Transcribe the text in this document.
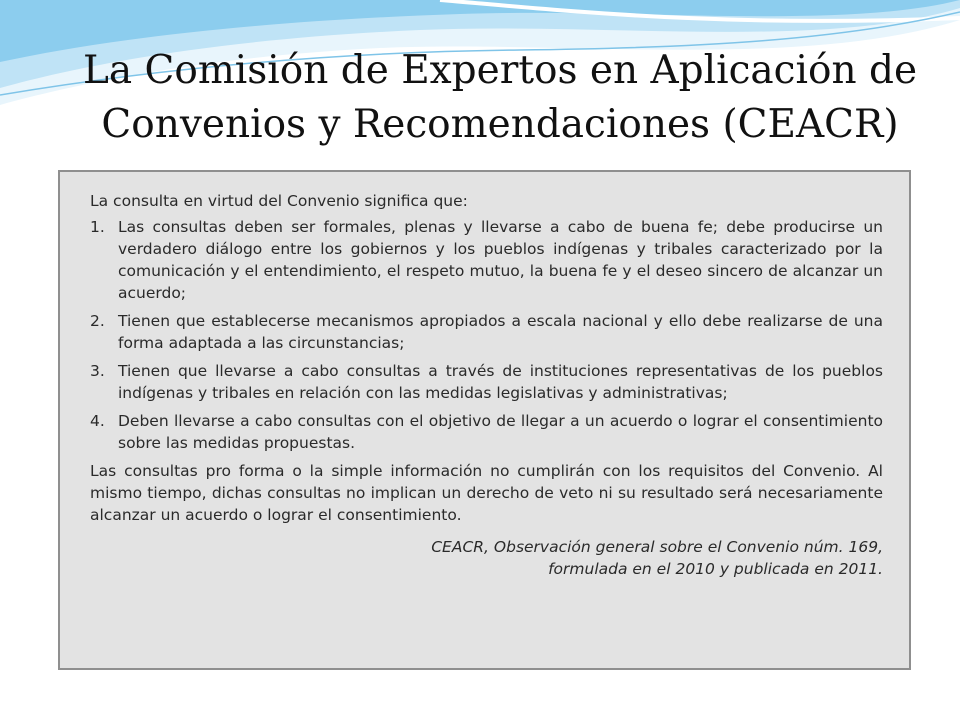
La Comisión de Expertos en Aplicación de
Convenios y Recomendaciones (CEACR)

La consulta en virtud del Convenio significa que:

1. Las consultas deben ser formales, plenas y llevarse a cabo de buena fe; debe producirse un verdadero diálogo entre los gobiernos y los pueblos indígenas y tribales caracterizado por la comunicación y el entendimiento, el respeto mutuo, la buena fe y el deseo sincero de alcanzar un acuerdo;
2. Tienen que establecerse mecanismos apropiados a escala nacional y ello debe realizarse de una forma adaptada a las circunstancias;
3. Tienen que llevarse a cabo consultas a través de instituciones representativas de los pueblos indígenas y tribales en relación con las medidas legislativas y administrativas;
4. Deben llevarse a cabo consultas con el objetivo de llegar a un acuerdo o lograr el consentimiento sobre las medidas propuestas.

Las consultas pro forma o la simple información no cumplirán con los requisitos del Convenio. Al mismo tiempo, dichas consultas no implican un derecho de veto ni su resultado será necesariamente alcanzar un acuerdo o lograr el consentimiento.

CEACR, Observación general sobre el Convenio núm. 169,
formulada en el 2010 y publicada en 2011.
